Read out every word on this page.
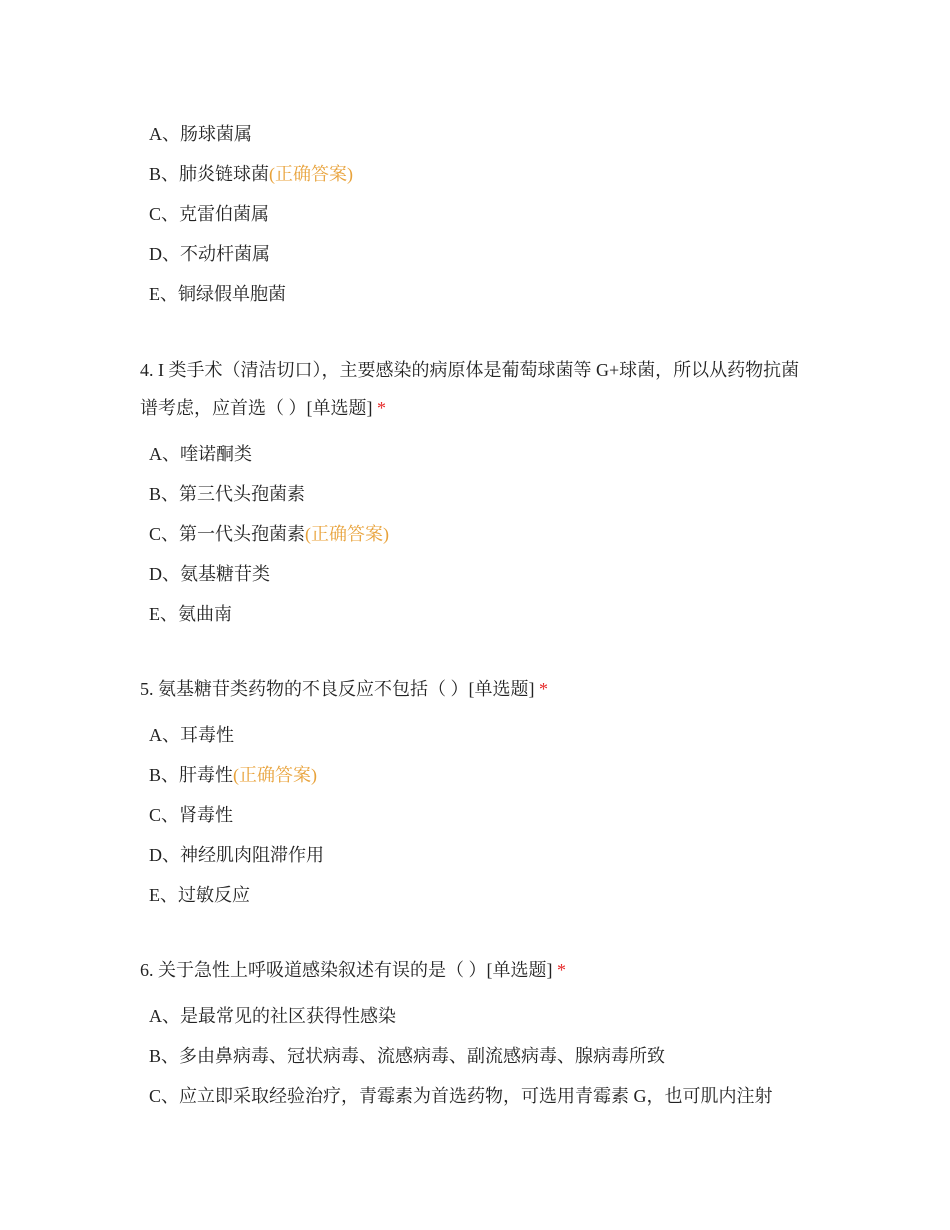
A、肠球菌属
B、肺炎链球菌(正确答案)
C、克雷伯菌属
D、不动杆菌属
E、铜绿假单胞菌
4. I 类手术（清洁切口），主要感染的病原体是葡萄球菌等 G+球菌，所以从药物抗菌谱考虑，应首选（ ）[单选题] *
A、喹诺酮类
B、第三代头孢菌素
C、第一代头孢菌素(正确答案)
D、氨基糖苷类
E、氨曲南
5. 氨基糖苷类药物的不良反应不包括（ ）[单选题] *
A、耳毒性
B、肝毒性(正确答案)
C、肾毒性
D、神经肌肉阻滞作用
E、过敏反应
6. 关于急性上呼吸道感染叙述有误的是（ ）[单选题] *
A、是最常见的社区获得性感染
B、多由鼻病毒、冠状病毒、流感病毒、副流感病毒、腺病毒所致
C、应立即采取经验治疗，青霉素为首选药物，可选用青霉素 G，也可肌内注射
